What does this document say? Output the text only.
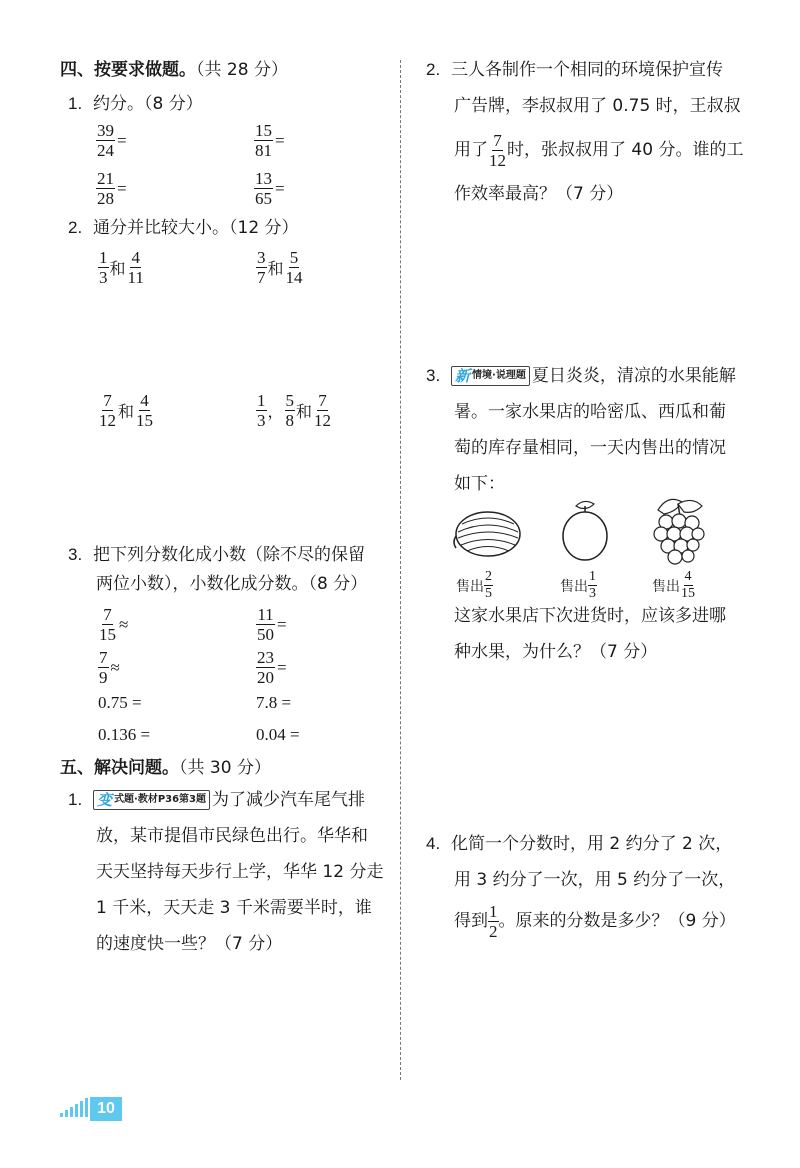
四、按要求做题。（共 28 分）
1. 约分。（8 分）
$\frac{39}{24}$ =	$\frac{15}{81}$ =
$\frac{21}{28}$ =	$\frac{13}{65}$ =
2. 通分并比较大小。（12 分）
$\frac{1}{3}$ 和 $\frac{4}{11}$	$\frac{3}{7}$ 和 $\frac{5}{14}$
$\frac{7}{12}$ 和 $\frac{4}{15}$	$\frac{1}{3}$ ， $\frac{5}{8}$ 和 $\frac{7}{12}$
3. 把下列分数化成小数（除不尽的保留
两位小数），小数化成分数。（8 分）
$\frac{7}{15}$ ≈	$\frac{11}{50}$ =
$\frac{7}{9}$ ≈	$\frac{23}{20}$ =
0.75 =	7.8 =
0.136 =	0.04 =
五、解决问题。（共 30 分）
1. 变 式题·教材P36第3题 为了减少汽车尾气排
放，某市提倡市民绿色出行。华华和
天天坚持每天步行上学，华华 12 分走
1 千米，天天走 3 千米需要半时，谁
的速度快一些？（7 分）
2. 三人各制作一个相同的环境保护宣传
广告牌，李叔叔用了 0.75 时，王叔叔
用了 $\frac{7}{12}$ 时，张叔叔用了 40 分。谁的工
作效率最高？（7 分）
3. 新 情境·说理题 夏日炎炎，清凉的水果能解
暑。一家水果店的哈密瓜、西瓜和葡
萄的库存量相同，一天内售出的情况
如下：
售出 $\frac{2}{5}$	售出 $\frac{1}{3}$	售出 $\frac{4}{15}$
这家水果店下次进货时，应该多进哪
种水果，为什么？（7 分）
4. 化简一个分数时，用 2 约分了 2 次，
用 3 约分了一次，用 5 约分了一次，
得到 $\frac{1}{2}$ 。原来的分数是多少？（9 分）
10
